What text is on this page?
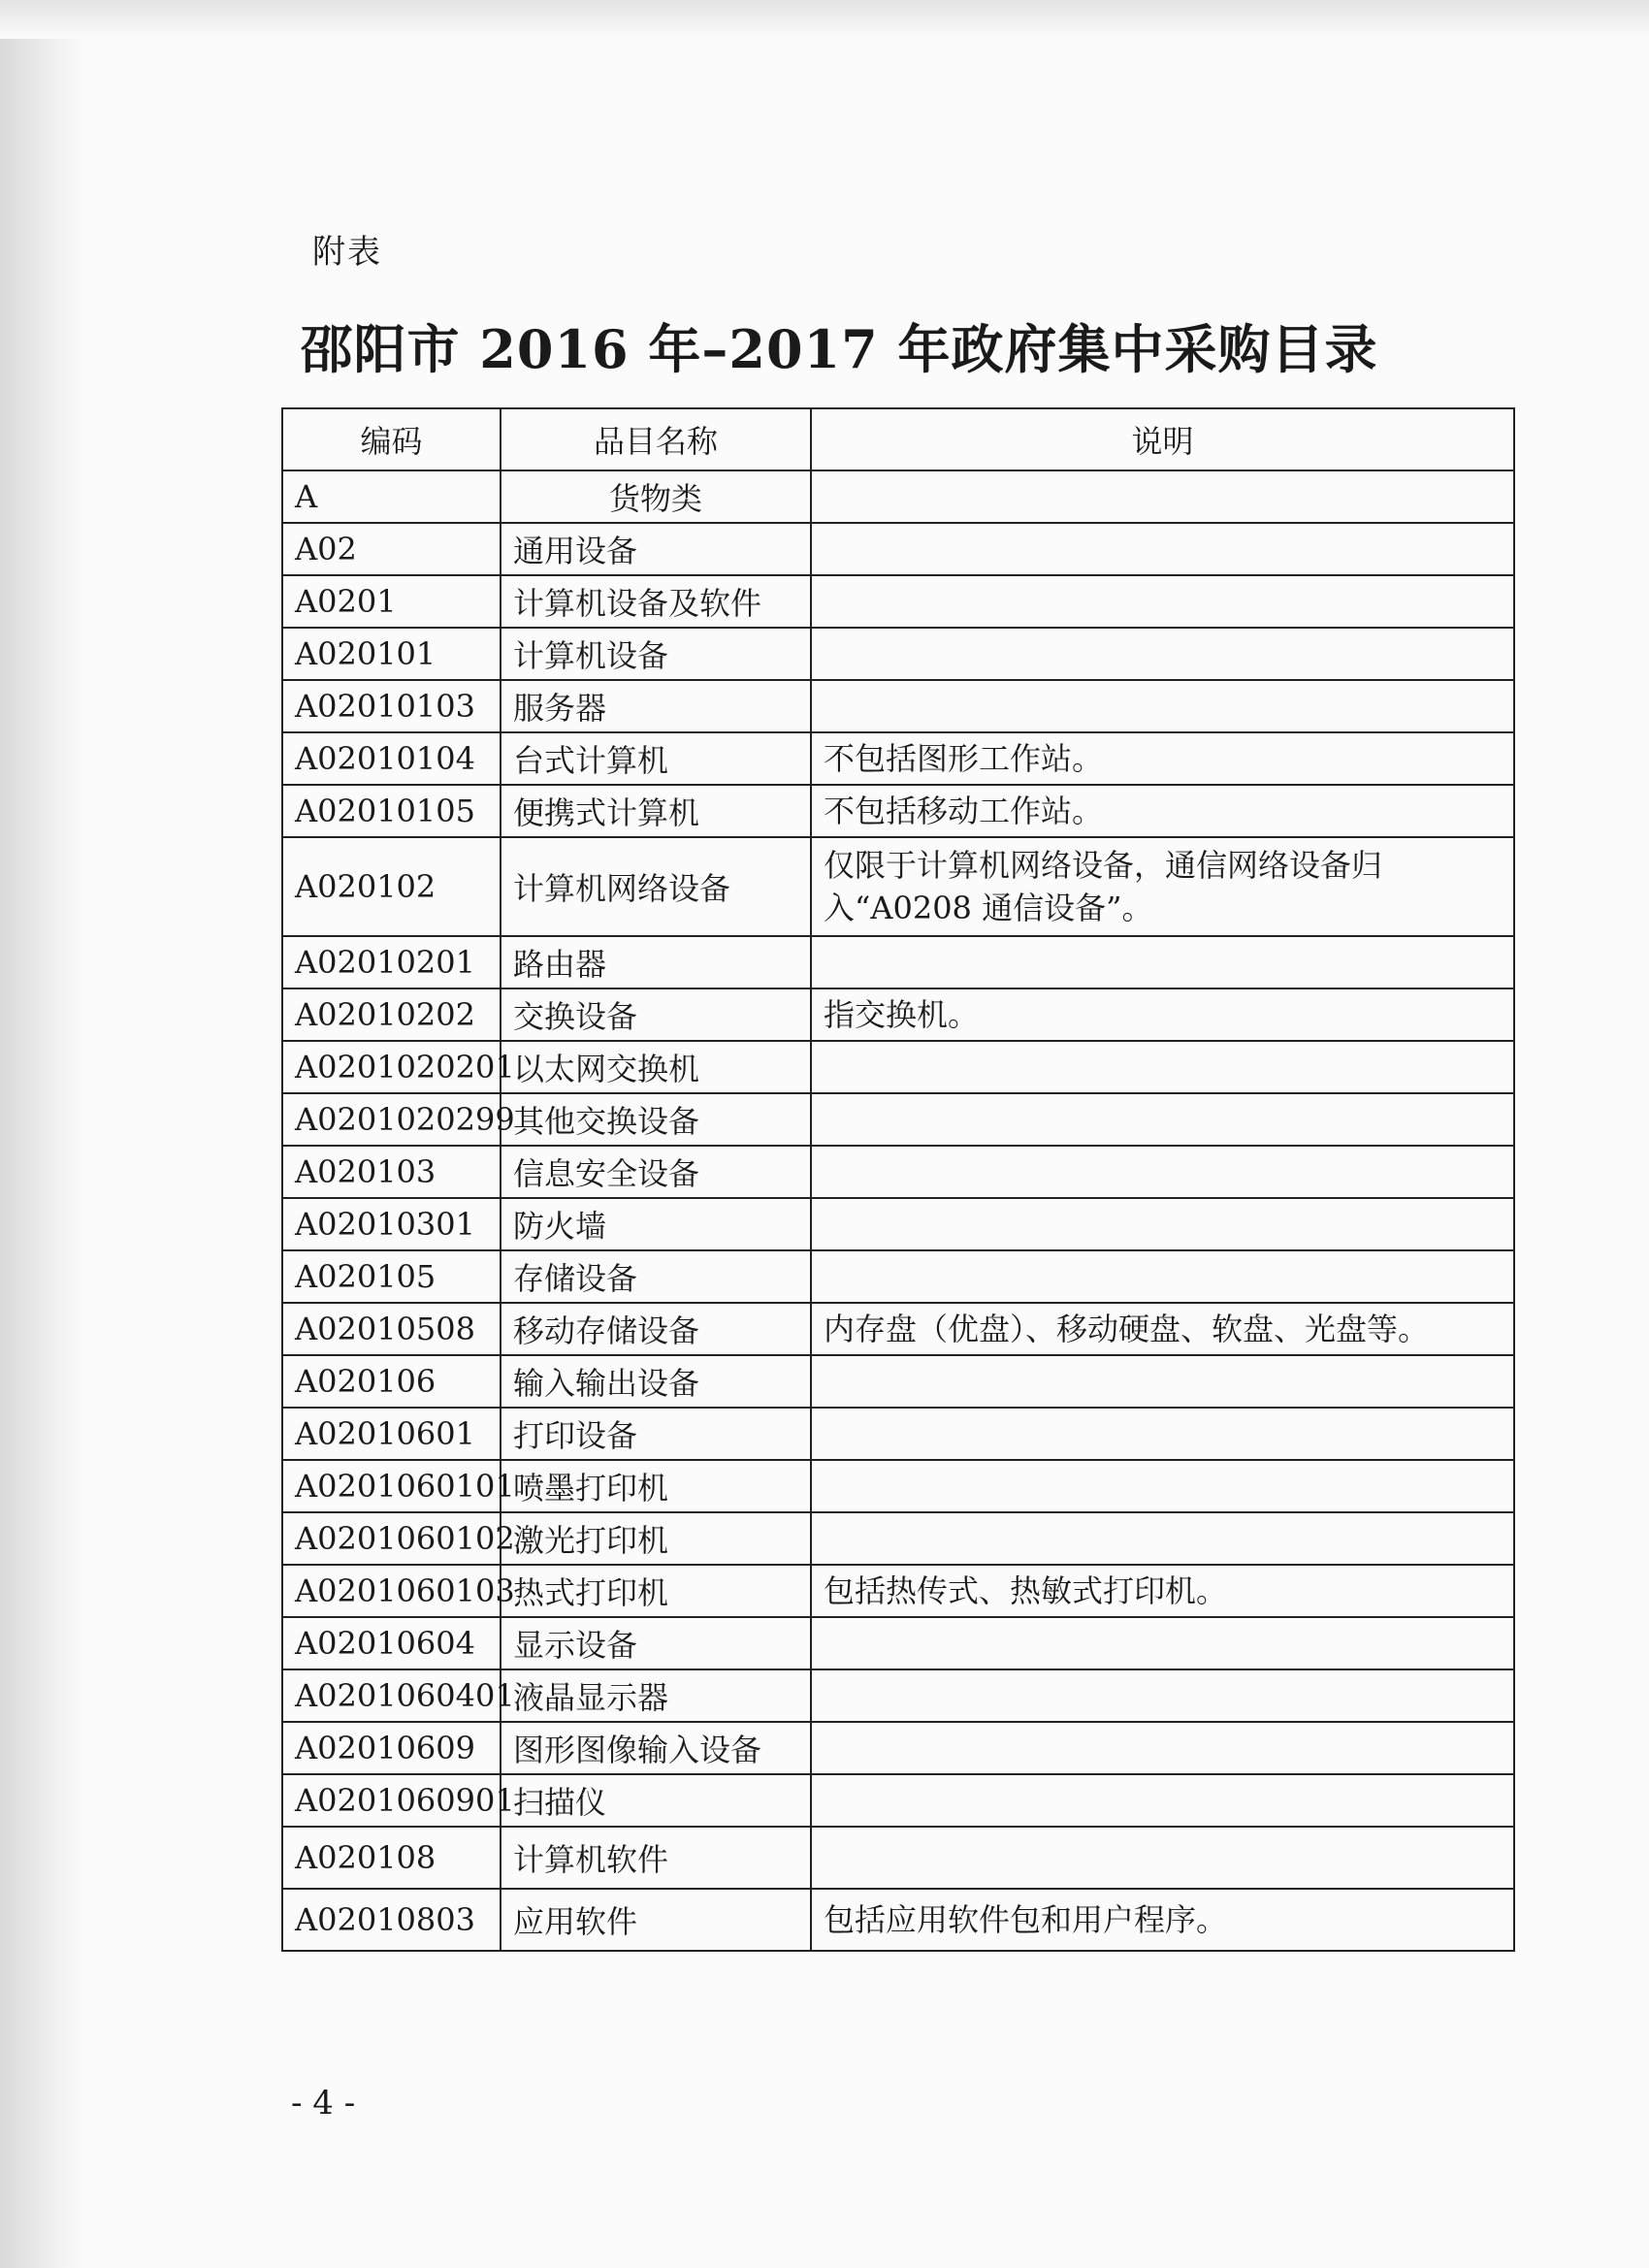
附表
邵阳市 2016 年–2017 年政府集中采购目录
编码	品目名称	说明
A	货物类	
A02	通用设备	
A0201	计算机设备及软件	
A020101	计算机设备	
A02010103	服务器	
A02010104	台式计算机	不包括图形工作站。
A02010105	便携式计算机	不包括移动工作站。
A020102	计算机网络设备	仅限于计算机网络设备，通信网络设备归入“A0208 通信设备”。
A02010201	路由器	
A02010202	交换设备	指交换机。
A0201020201	以太网交换机	
A0201020299	其他交换设备	
A020103	信息安全设备	
A02010301	防火墙	
A020105	存储设备	
A02010508	移动存储设备	内存盘（优盘）、移动硬盘、软盘、光盘等。
A020106	输入输出设备	
A02010601	打印设备	
A0201060101	喷墨打印机	
A0201060102	激光打印机	
A0201060103	热式打印机	包括热传式、热敏式打印机。
A02010604	显示设备	
A0201060401	液晶显示器	
A02010609	图形图像输入设备	
A0201060901	扫描仪	
A020108	计算机软件	
A02010803	应用软件	包括应用软件包和用户程序。
- 4 -
